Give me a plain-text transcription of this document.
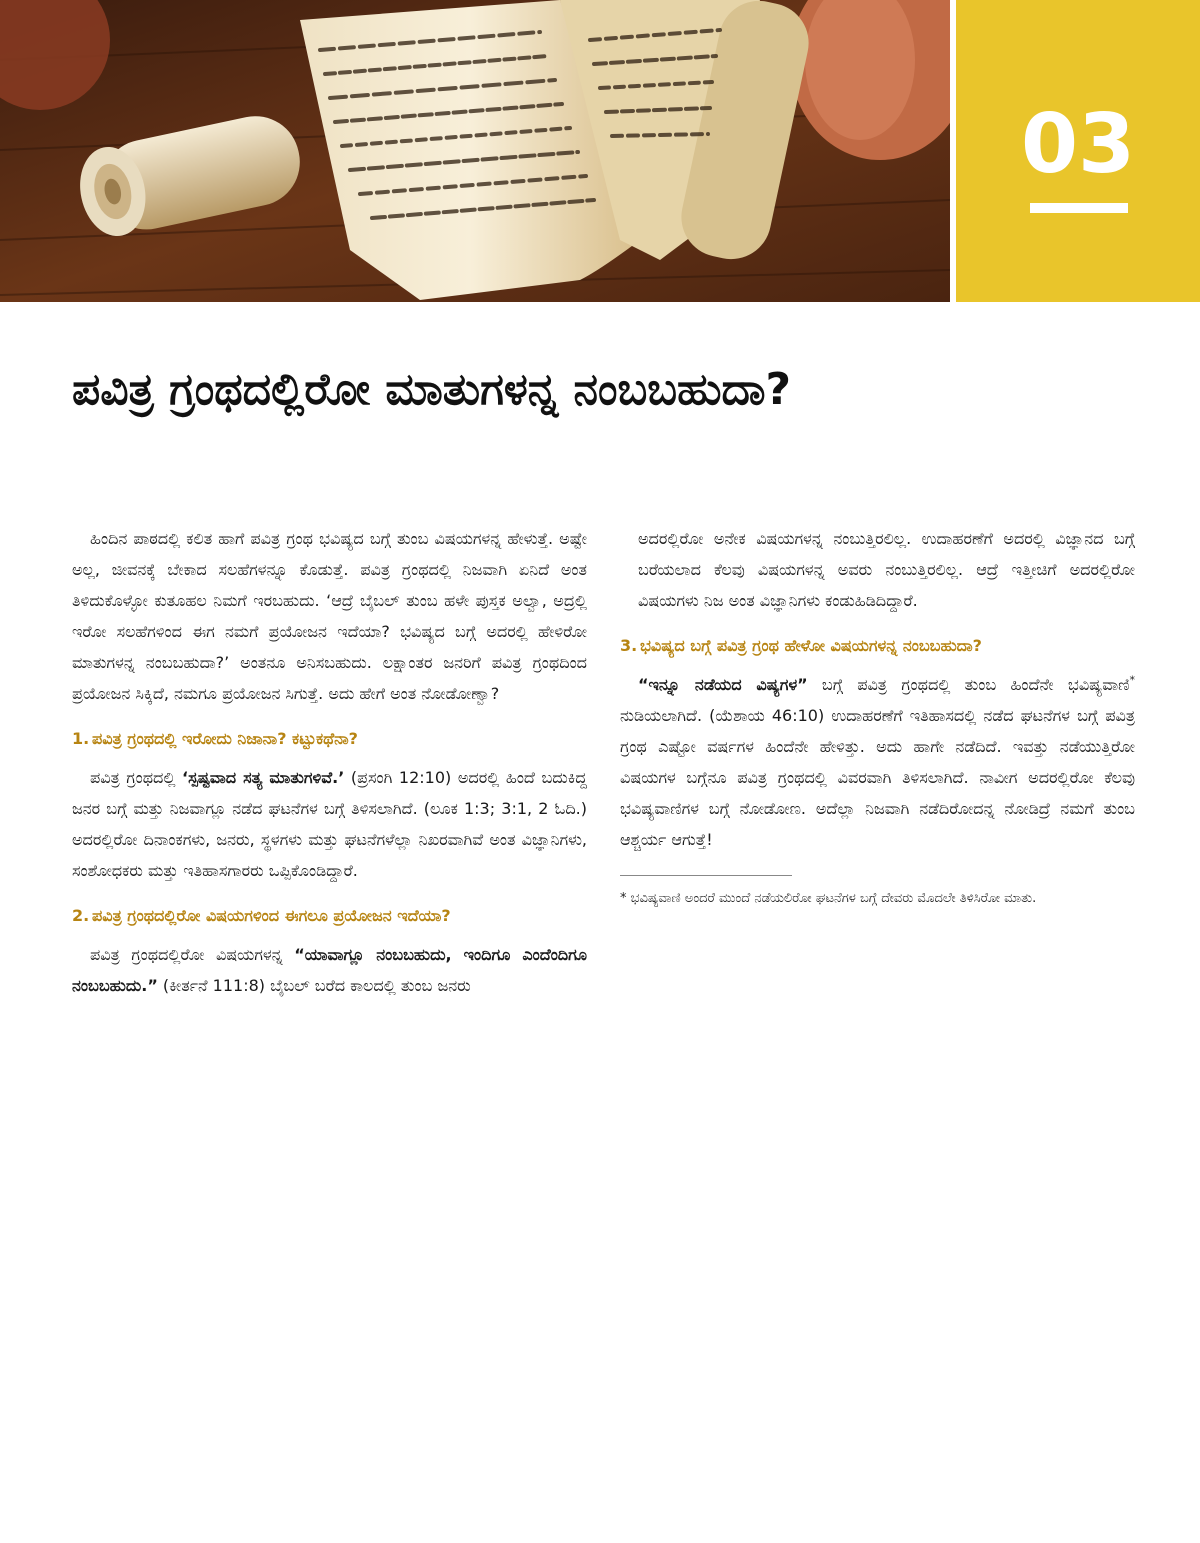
03
ಪವಿತ್ರ ಗ್ರಂಥದಲ್ಲಿರೋ ಮಾತುಗಳನ್ನ ನಂಬಬಹುದಾ?

ಹಿಂದಿನ ಪಾಠದಲ್ಲಿ ಕಲಿತ ಹಾಗೆ ಪವಿತ್ರ ಗ್ರಂಥ ಭವಿಷ್ಯದ ಬಗ್ಗೆ ತುಂಬ ವಿಷಯಗಳನ್ನ ಹೇಳುತ್ತೆ. ಅಷ್ಟೇ ಅಲ್ಲ, ಜೀವನಕ್ಕೆ ಬೇಕಾದ ಸಲಹೆಗಳನ್ನೂ ಕೊಡುತ್ತೆ. ಪವಿತ್ರ ಗ್ರಂಥದಲ್ಲಿ ನಿಜವಾಗಿ ಏನಿದೆ ಅಂತ ತಿಳಿದುಕೊಳ್ಳೋ ಕುತೂಹಲ ನಿಮಗೆ ಇರಬಹುದು. ‘ಆದ್ರೆ ಬೈಬಲ್ ತುಂಬ ಹಳೇ ಪುಸ್ತಕ ಅಲ್ವಾ, ಅದ್ರಲ್ಲಿ ಇರೋ ಸಲಹೆಗಳಿಂದ ಈಗ ನಮಗೆ ಪ್ರಯೋಜನ ಇದೆಯಾ? ಭವಿಷ್ಯದ ಬಗ್ಗೆ ಅದರಲ್ಲಿ ಹೇಳಿರೋ ಮಾತುಗಳನ್ನ ನಂಬಬಹುದಾ?’ ಅಂತನೂ ಅನಿಸಬಹುದು. ಲಕ್ಷಾಂತರ ಜನರಿಗೆ ಪವಿತ್ರ ಗ್ರಂಥದಿಂದ ಪ್ರಯೋಜನ ಸಿಕ್ಕಿದೆ, ನಮಗೂ ಪ್ರಯೋಜನ ಸಿಗುತ್ತೆ. ಅದು ಹೇಗೆ ಅಂತ ನೋಡೋಣ್ವಾ?

1. ಪವಿತ್ರ ಗ್ರಂಥದಲ್ಲಿ ಇರೋದು ನಿಜಾನಾ? ಕಟ್ಟುಕಥೆನಾ?

ಪವಿತ್ರ ಗ್ರಂಥದಲ್ಲಿ ‘ಸ್ಪಷ್ಟವಾದ ಸತ್ಯ ಮಾತುಗಳಿವೆ.’ (ಪ್ರಸಂಗಿ 12:10) ಅದರಲ್ಲಿ ಹಿಂದೆ ಬದುಕಿದ್ದ ಜನರ ಬಗ್ಗೆ ಮತ್ತು ನಿಜವಾಗ್ಲೂ ನಡೆದ ಘಟನೆಗಳ ಬಗ್ಗೆ ತಿಳಿಸಲಾಗಿದೆ. (ಲೂಕ 1:3; 3:1, 2 ಓದಿ.) ಅದರಲ್ಲಿರೋ ದಿನಾಂಕಗಳು, ಜನರು, ಸ್ಥಳಗಳು ಮತ್ತು ಘಟನೆಗಳೆಲ್ಲಾ ನಿಖರವಾಗಿವೆ ಅಂತ ವಿಜ್ಞಾನಿಗಳು, ಸಂಶೋಧಕರು ಮತ್ತು ಇತಿಹಾಸಗಾರರು ಒಪ್ಪಿಕೊಂಡಿದ್ದಾರೆ.

2. ಪವಿತ್ರ ಗ್ರಂಥದಲ್ಲಿರೋ ವಿಷಯಗಳಿಂದ ಈಗಲೂ ಪ್ರಯೋಜನ ಇದೆಯಾ?

ಪವಿತ್ರ ಗ್ರಂಥದಲ್ಲಿರೋ ವಿಷಯಗಳನ್ನ “ಯಾವಾಗ್ಲೂ ನಂಬಬಹುದು, ಇಂದಿಗೂ ಎಂದೆಂದಿಗೂ ನಂಬಬಹುದು.” (ಕೀರ್ತನೆ 111:8) ಬೈಬಲ್ ಬರೆದ ಕಾಲದಲ್ಲಿ ತುಂಬ ಜನರು

ಅದರಲ್ಲಿರೋ ಅನೇಕ ವಿಷಯಗಳನ್ನ ನಂಬುತ್ತಿರಲಿಲ್ಲ. ಉದಾಹರಣೆಗೆ ಅದರಲ್ಲಿ ವಿಜ್ಞಾನದ ಬಗ್ಗೆ ಬರೆಯಲಾದ ಕೆಲವು ವಿಷಯಗಳನ್ನ ಅವರು ನಂಬುತ್ತಿರಲಿಲ್ಲ. ಆದ್ರೆ ಇತ್ತೀಚಿಗೆ ಅದರಲ್ಲಿರೋ ವಿಷಯಗಳು ನಿಜ ಅಂತ ವಿಜ್ಞಾನಿಗಳು ಕಂಡುಹಿಡಿದಿದ್ದಾರೆ.

3. ಭವಿಷ್ಯದ ಬಗ್ಗೆ ಪವಿತ್ರ ಗ್ರಂಥ ಹೇಳೋ ವಿಷಯಗಳನ್ನ ನಂಬಬಹುದಾ?

“ಇನ್ನೂ ನಡೆಯದ ವಿಷ್ಯಗಳ” ಬಗ್ಗೆ ಪವಿತ್ರ ಗ್ರಂಥದಲ್ಲಿ ತುಂಬ ಹಿಂದೆನೇ ಭವಿಷ್ಯವಾಣಿ* ನುಡಿಯಲಾಗಿದೆ. (ಯೆಶಾಯ 46:10) ಉದಾಹರಣೆಗೆ ಇತಿಹಾಸದಲ್ಲಿ ನಡೆದ ಘಟನೆಗಳ ಬಗ್ಗೆ ಪವಿತ್ರ ಗ್ರಂಥ ಎಷ್ಟೋ ವರ್ಷಗಳ ಹಿಂದೆನೇ ಹೇಳಿತ್ತು. ಅದು ಹಾಗೇ ನಡೆದಿದೆ. ಇವತ್ತು ನಡೆಯುತ್ತಿರೋ ವಿಷಯಗಳ ಬಗ್ಗೆನೂ ಪವಿತ್ರ ಗ್ರಂಥದಲ್ಲಿ ವಿವರವಾಗಿ ತಿಳಿಸಲಾಗಿದೆ. ನಾವೀಗ ಅದರಲ್ಲಿರೋ ಕೆಲವು ಭವಿಷ್ಯವಾಣಿಗಳ ಬಗ್ಗೆ ನೋಡೋಣ. ಅದೆಲ್ಲಾ ನಿಜವಾಗಿ ನಡೆದಿರೋದನ್ನ ನೋಡಿದ್ರೆ ನಮಗೆ ತುಂಬ ಆಶ್ಚರ್ಯ ಆಗುತ್ತೆ!

* ಭವಿಷ್ಯವಾಣಿ ಅಂದರೆ ಮುಂದೆ ನಡೆಯಲಿರೋ ಘಟನೆಗಳ ಬಗ್ಗೆ ದೇವರು ಮೊದಲೇ ತಿಳಿಸಿರೋ ಮಾತು.
